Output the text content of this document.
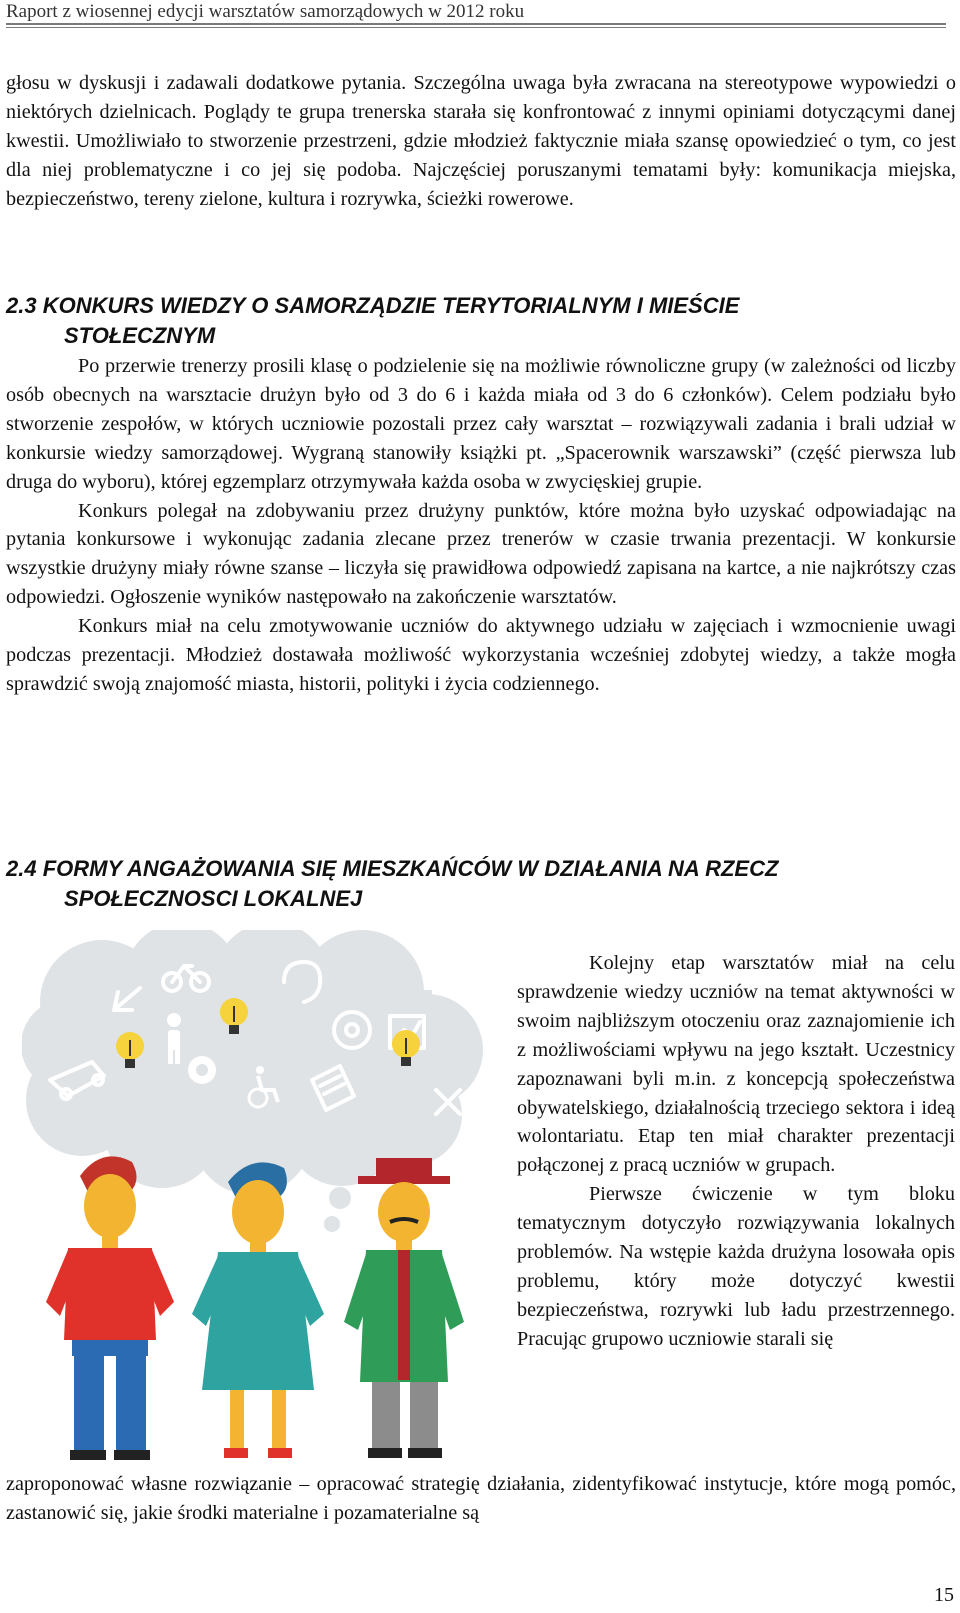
Raport z wiosennej edycji warsztatów samorządowych w 2012 roku

głosu w dyskusji i zadawali dodatkowe pytania. Szczególna uwaga była zwracana na stereotypowe wypowiedzi o niektórych dzielnicach. Poglądy te grupa trenerska starała się konfrontować z innymi opiniami dotyczącymi danej kwestii. Umożliwiało to stworzenie przestrzeni, gdzie młodzież faktycznie miała szansę opowiedzieć o tym, co jest dla niej problematyczne i co jej się podoba. Najczęściej poruszanymi tematami były: komunikacja miejska, bezpieczeństwo, tereny zielone, kultura i rozrywka, ścieżki rowerowe.

2.3 KONKURS WIEDZY O SAMORZĄDZIE TERYTORIALNYM I MIEŚCIE
STOŁECZNYM

Po przerwie trenerzy prosili klasę o podzielenie się na możliwie równoliczne grupy (w zależności od liczby osób obecnych na warsztacie drużyn było od 3 do 6 i każda miała od 3 do 6 członków). Celem podziału było stworzenie zespołów, w których uczniowie pozostali przez cały warsztat – rozwiązywali zadania i brali udział w konkursie wiedzy samorządowej. Wygraną stanowiły książki pt. „Spacerownik warszawski” (część pierwsza lub druga do wyboru), której egzemplarz otrzymywała każda osoba w zwycięskiej grupie.

Konkurs polegał na zdobywaniu przez drużyny punktów, które można było uzyskać odpowiadając na pytania konkursowe i wykonując zadania zlecane przez trenerów w czasie trwania prezentacji. W konkursie wszystkie drużyny miały równe szanse – liczyła się prawidłowa odpowiedź zapisana na kartce, a nie najkrótszy czas odpowiedzi. Ogłoszenie wyników następowało na zakończenie warsztatów.

Konkurs miał na celu zmotywowanie uczniów do aktywnego udziału w zajęciach i wzmocnienie uwagi podczas prezentacji. Młodzież dostawała możliwość wykorzystania wcześniej zdobytej wiedzy, a także mogła sprawdzić swoją znajomość miasta, historii, polityki i życia codziennego.

2.4 FORMY ANGAŻOWANIA SIĘ MIESZKAŃCÓW W DZIAŁANIA NA RZECZ
SPOŁECZNOSCI LOKALNEJ

Kolejny etap warsztatów miał na celu sprawdzenie wiedzy uczniów na temat aktywności w swoim najbliższym otoczeniu oraz zaznajomienie ich z możliwościami wpływu na jego kształt. Uczestnicy zapoznawani byli m.in. z koncepcją społeczeństwa obywatelskiego, działalnością trzeciego sektora i ideą wolontariatu. Etap ten miał charakter prezentacji połączonej z pracą uczniów w grupach.

Pierwsze ćwiczenie w tym bloku tematycznym dotyczyło rozwiązywania lokalnych problemów. Na wstępie każda drużyna losowała opis problemu, który może dotyczyć kwestii bezpieczeństwa, rozrywki lub ładu przestrzennego. Pracując grupowo uczniowie starali się

zaproponować własne rozwiązanie – opracować strategię działania, zidentyfikować instytucje, które mogą pomóc, zastanowić się, jakie środki materialne i pozamaterialne są

15
